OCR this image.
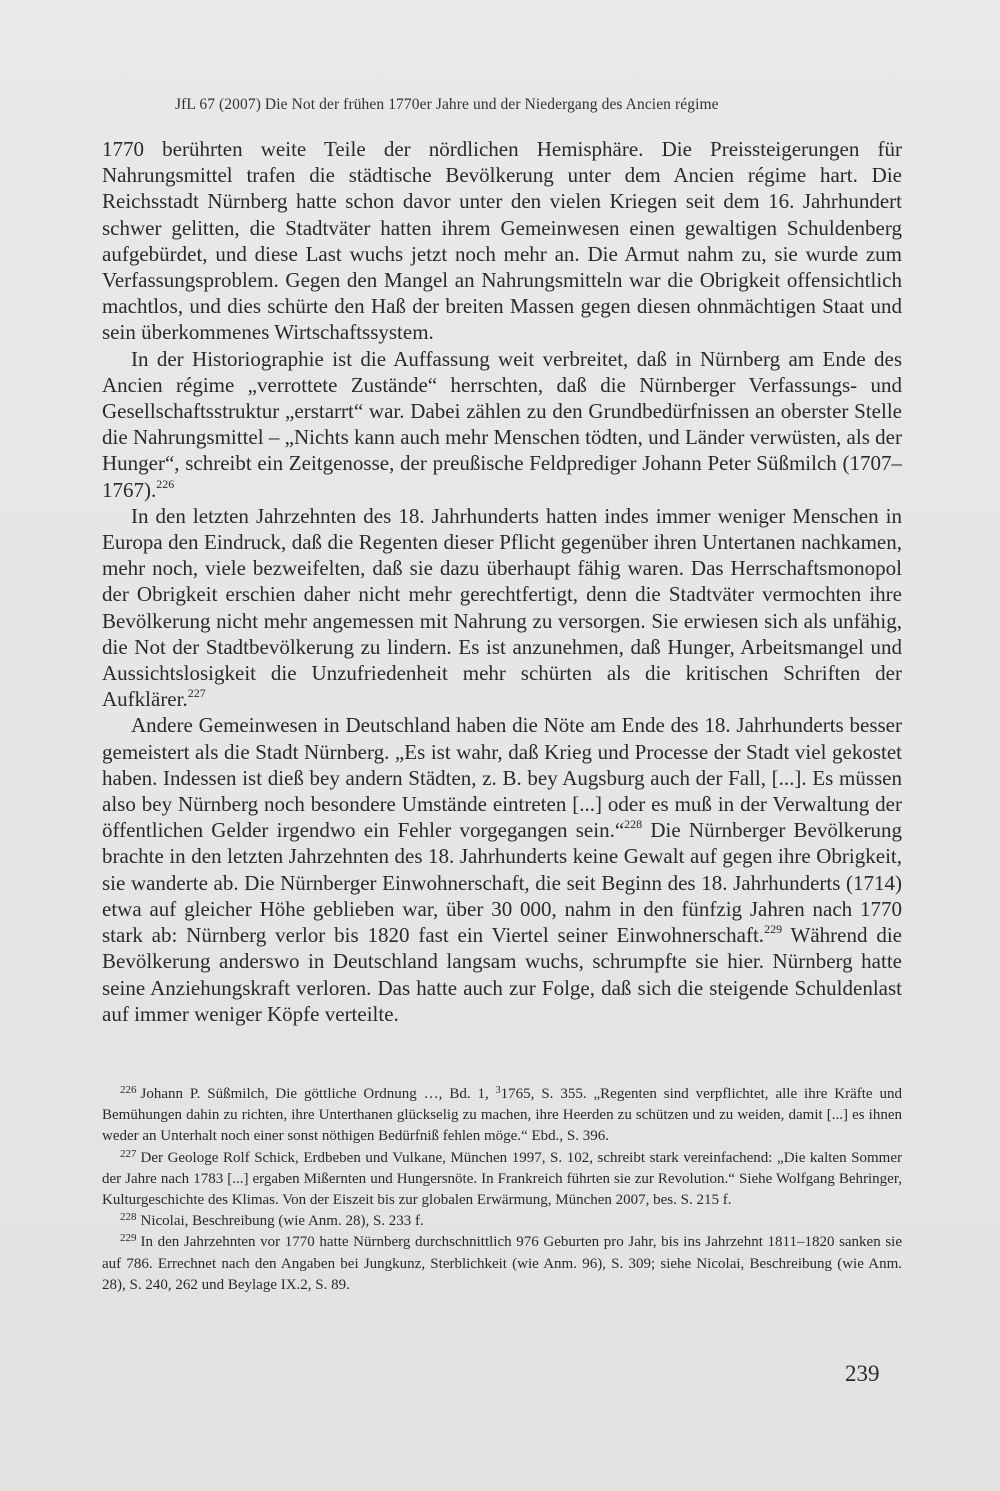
JfL 67 (2007) Die Not der frühen 1770er Jahre und der Niedergang des Ancien régime

1770 berührten weite Teile der nördlichen Hemisphäre. Die Preissteigerungen für Nahrungsmittel trafen die städtische Bevölkerung unter dem Ancien régime hart. Die Reichsstadt Nürnberg hatte schon davor unter den vielen Kriegen seit dem 16. Jahrhundert schwer gelitten, die Stadtväter hatten ihrem Gemeinwesen einen gewaltigen Schuldenberg aufgebürdet, und diese Last wuchs jetzt noch mehr an. Die Armut nahm zu, sie wurde zum Verfassungsproblem. Gegen den Mangel an Nahrungsmitteln war die Obrigkeit offensichtlich machtlos, und dies schürte den Haß der breiten Massen gegen diesen ohnmächtigen Staat und sein überkommenes Wirtschaftssystem.

In der Historiographie ist die Auffassung weit verbreitet, daß in Nürnberg am Ende des Ancien régime „verrottete Zustände“ herrschten, daß die Nürnberger Verfassungs- und Gesellschaftsstruktur „erstarrt“ war. Dabei zählen zu den Grundbedürfnissen an oberster Stelle die Nahrungsmittel – „Nichts kann auch mehr Menschen tödten, und Länder verwüsten, als der Hunger“, schreibt ein Zeitgenosse, der preußische Feldprediger Johann Peter Süßmilch (1707–1767).$^{226}$

In den letzten Jahrzehnten des 18. Jahrhunderts hatten indes immer weniger Menschen in Europa den Eindruck, daß die Regenten dieser Pflicht gegenüber ihren Untertanen nachkamen, mehr noch, viele bezweifelten, daß sie dazu überhaupt fähig waren. Das Herrschaftsmonopol der Obrigkeit erschien daher nicht mehr gerechtfertigt, denn die Stadtväter vermochten ihre Bevölkerung nicht mehr angemessen mit Nahrung zu versorgen. Sie erwiesen sich als unfähig, die Not der Stadtbevölkerung zu lindern. Es ist anzunehmen, daß Hunger, Arbeitsmangel und Aussichtslosigkeit die Unzufriedenheit mehr schürten als die kritischen Schriften der Aufklärer.$^{227}$

Andere Gemeinwesen in Deutschland haben die Nöte am Ende des 18. Jahrhunderts besser gemeistert als die Stadt Nürnberg. „Es ist wahr, daß Krieg und Processe der Stadt viel gekostet haben. Indessen ist dieß bey andern Städten, z. B. bey Augsburg auch der Fall, [...]. Es müssen also bey Nürnberg noch besondere Umstände eintreten [...] oder es muß in der Verwaltung der öffentlichen Gelder irgendwo ein Fehler vorgegangen sein.“$^{228}$ Die Nürnberger Bevölkerung brachte in den letzten Jahrzehnten des 18. Jahrhunderts keine Gewalt auf gegen ihre Obrigkeit, sie wanderte ab. Die Nürnberger Einwohnerschaft, die seit Beginn des 18. Jahrhunderts (1714) etwa auf gleicher Höhe geblieben war, über 30 000, nahm in den fünfzig Jahren nach 1770 stark ab: Nürnberg verlor bis 1820 fast ein Viertel seiner Einwohnerschaft.$^{229}$ Während die Bevölkerung anderswo in Deutschland langsam wuchs, schrumpfte sie hier. Nürnberg hatte seine Anziehungskraft verloren. Das hatte auch zur Folge, daß sich die steigende Schuldenlast auf immer weniger Köpfe verteilte.

$^{226}$ Johann P. Süßmilch, Die göttliche Ordnung …, Bd. 1, $^3$1765, S. 355. „Regenten sind verpflichtet, alle ihre Kräfte und Bemühungen dahin zu richten, ihre Unterthanen glückselig zu machen, ihre Heerden zu schützen und zu weiden, damit [...] es ihnen weder an Unterhalt noch einer sonst nöthigen Bedürfniß fehlen möge.“ Ebd., S. 396.

$^{227}$ Der Geologe Rolf Schick, Erdbeben und Vulkane, München 1997, S. 102, schreibt stark vereinfachend: „Die kalten Sommer der Jahre nach 1783 [...] ergaben Mißernten und Hungersnöte. In Frankreich führten sie zur Revolution.“ Siehe Wolfgang Behringer, Kulturgeschichte des Klimas. Von der Eiszeit bis zur globalen Erwärmung, München 2007, bes. S. 215 f.

$^{228}$ Nicolai, Beschreibung (wie Anm. 28), S. 233 f.

$^{229}$ In den Jahrzehnten vor 1770 hatte Nürnberg durchschnittlich 976 Geburten pro Jahr, bis ins Jahrzehnt 1811–1820 sanken sie auf 786. Errechnet nach den Angaben bei Jungkunz, Sterblichkeit (wie Anm. 96), S. 309; siehe Nicolai, Beschreibung (wie Anm. 28), S. 240, 262 und Beylage IX.2, S. 89.

239
